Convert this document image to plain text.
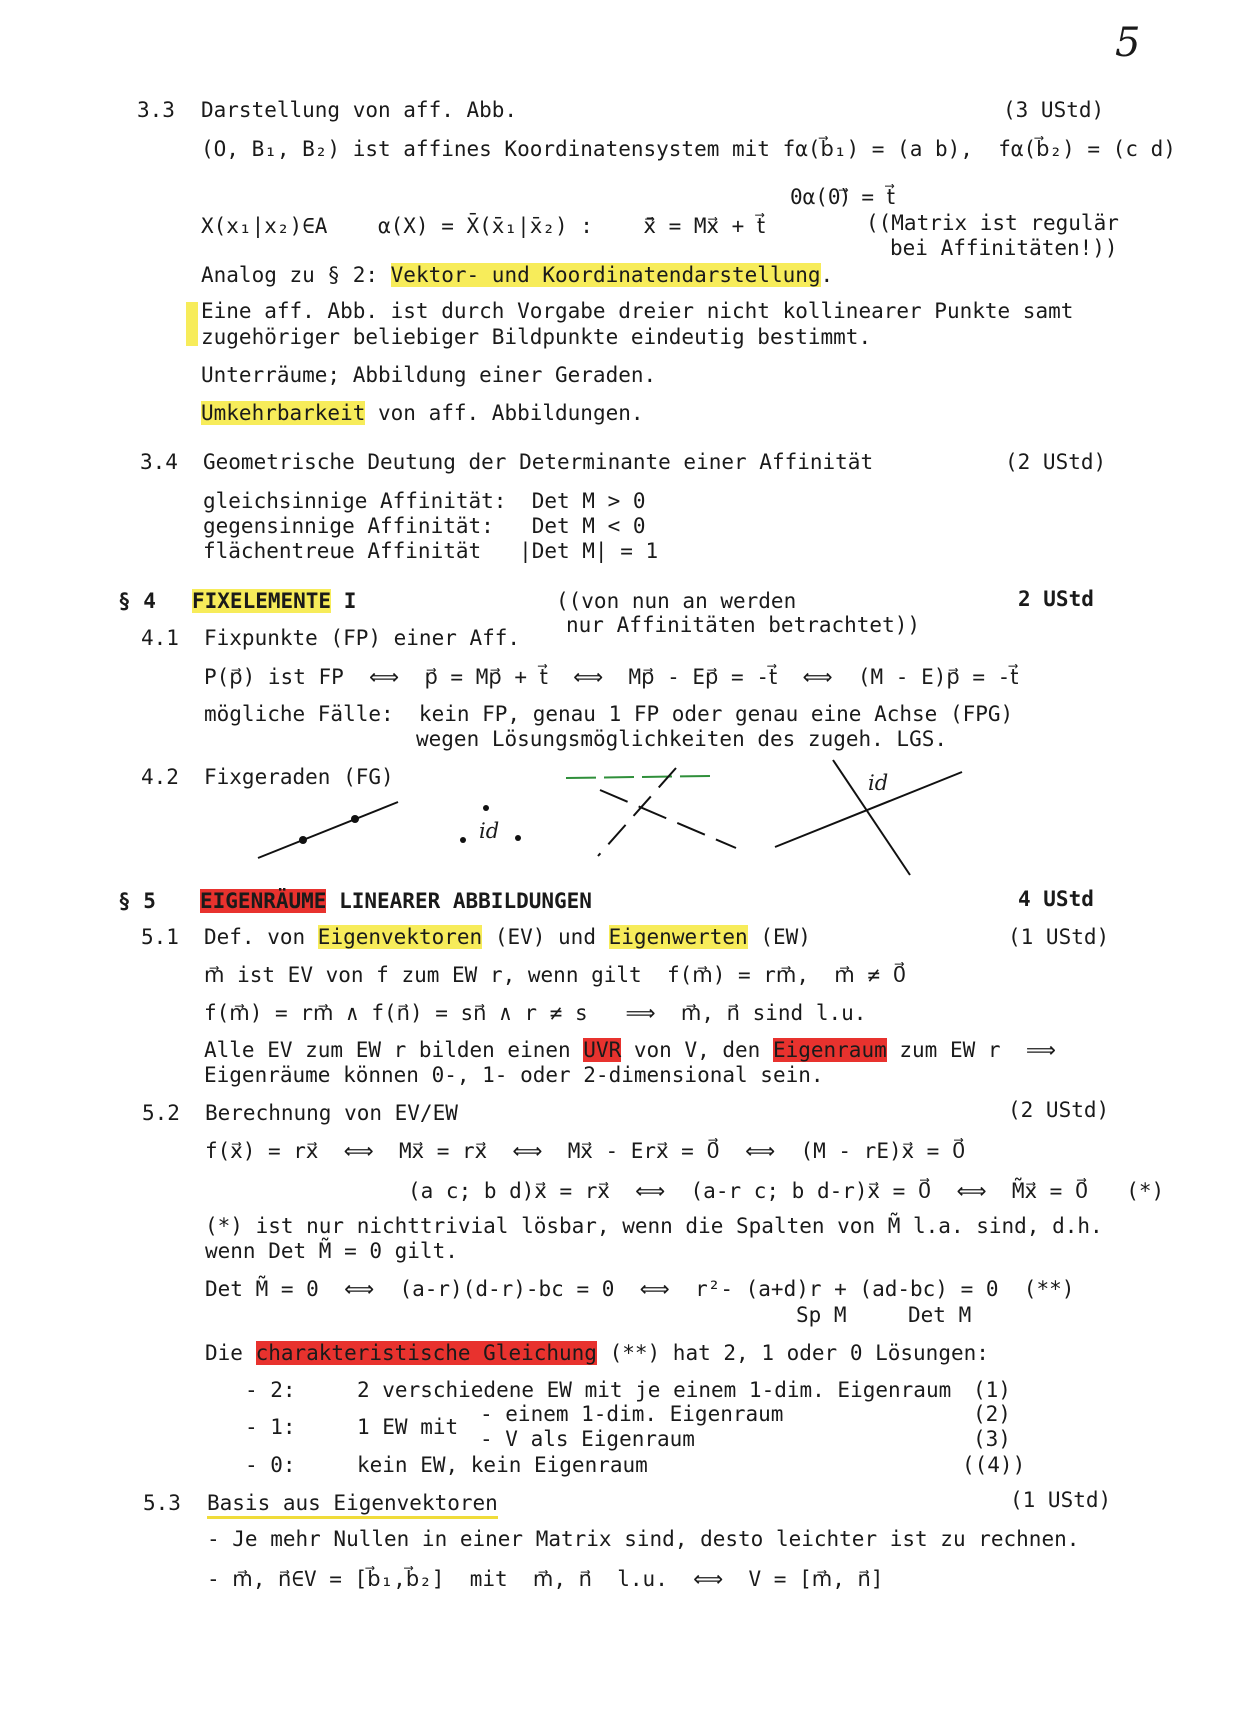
5
3.3 Darstellung von aff. Abb.	(3 UStd)
(O, B₁, B₂) ist affines Koordinatensystem mit fα(b⃗₁) = (a b),  fα(b⃗₂) = (c d)
0α(0)⃗ = t⃗
X(x₁|x₂)∈A    α(X) = X̄(x̄₁|x̄₂) :    x̄⃗ = Mx⃗ + t⃗	((Matrix ist regulär
bei Affinitäten!))
Analog zu § 2: Vektor- und Koordinatendarstellung.
Eine aff. Abb. ist durch Vorgabe dreier nicht kollinearer Punkte samt
zugehöriger beliebiger Bildpunkte eindeutig bestimmt.
Unterräume; Abbildung einer Geraden.
Umkehrbarkeit von aff. Abbildungen.
3.4 Geometrische Deutung der Determinante einer Affinität	(2 UStd)
gleichsinnige Affinität:  Det M > 0
gegensinnige Affinität:   Det M < 0
flächentreue Affinität   |Det M| = 1
§ 4 FIXELEMENTE I	((von nun an werden
nur Affinitäten betrachtet))
2 UStd
4.1 Fixpunkte (FP) einer Aff.
P(p⃗) ist FP  ⟺  p⃗ = Mp⃗ + t⃗  ⟺  Mp⃗ - Ep⃗ = -t⃗  ⟺  (M - E)p⃗ = -t⃗
mögliche Fälle:  kein FP, genau 1 FP oder genau eine Achse (FPG)
wegen Lösungsmöglichkeiten des zugeh. LGS.
4.2 Fixgeraden (FG)
id
id
§ 5 EIGENRÄUME LINEARER ABBILDUNGEN	4 UStd
5.1 Def. von Eigenvektoren (EV) und Eigenwerten (EW)	(1 UStd)
m⃗ ist EV von f zum EW r, wenn gilt  f(m⃗) = rm⃗,  m⃗ ≠ 0⃗
f(m⃗) = rm⃗ ∧ f(n⃗) = sn⃗ ∧ r ≠ s   ⟹  m⃗, n⃗ sind l.u.
Alle EV zum EW r bilden einen UVR von V, den Eigenraum zum EW r  ⟹
Eigenräume können 0-, 1- oder 2-dimensional sein.
5.2 Berechnung von EV/EW	(2 UStd)
f(x⃗) = rx⃗  ⟺  Mx⃗ = rx⃗  ⟺  Mx⃗ - Erx⃗ = 0⃗  ⟺  (M - rE)x⃗ = 0⃗
(a c; b d)x⃗ = rx⃗  ⟺  (a-r c; b d-r)x⃗ = 0⃗  ⟺  M̃x⃗ = 0⃗   (*)
(*) ist nur nichttrivial lösbar, wenn die Spalten von M̃ l.a. sind, d.h.
wenn Det M̃ = 0 gilt.
Det M̃ = 0  ⟺  (a-r)(d-r)-bc = 0  ⟺  r²- (a+d)r + (ad-bc) = 0  (**)
Sp M	Det M
Die charakteristische Gleichung (**) hat 2, 1 oder 0 Lösungen:
- 2:	2 verschiedene EW mit je einem 1-dim. Eigenraum (1)
- 1:	1 EW mit
- einem 1-dim. Eigenraum	(2)
- V als Eigenraum	(3)
- 0:	kein EW, kein Eigenraum	((4))
5.3 Basis aus Eigenvektoren	(1 UStd)
- Je mehr Nullen in einer Matrix sind, desto leichter ist zu rechnen.
- m⃗, n⃗∈V = [b⃗₁,b⃗₂]  mit  m⃗, n⃗  l.u.  ⟺  V = [m⃗, n⃗]
